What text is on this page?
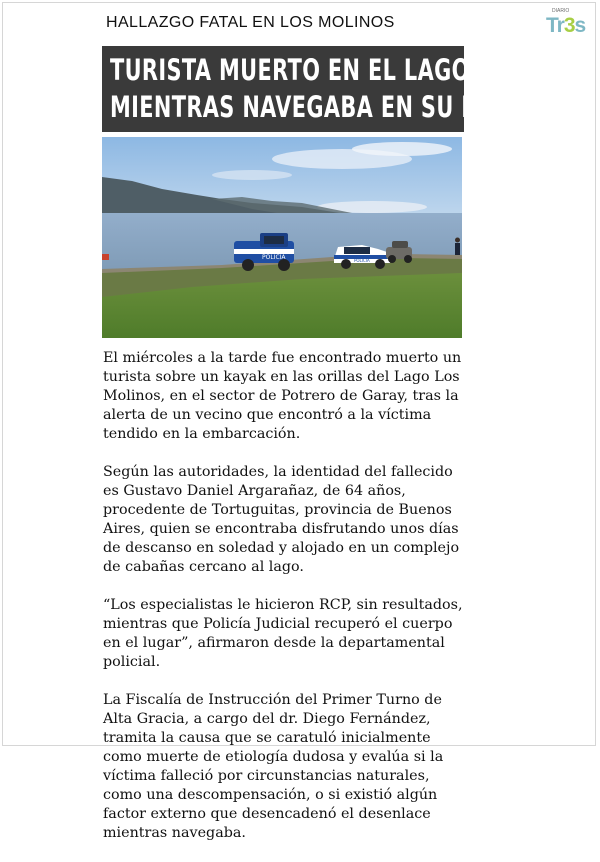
HALLAZGO FATAL EN LOS MOLINOS
DIARIO
Tr3s
TURISTA MUERTO EN EL LAGO
MIENTRAS NAVEGABA EN SU KAYAK
POLICIA	POLICIA

El miércoles a la tarde fue encontrado muerto un turista sobre un kayak en las orillas del Lago Los Molinos, en el sector de Potrero de Garay, tras la alerta de un vecino que encontró a la víctima tendido en la embarcación.

Según las autoridades, la identidad del fallecido es Gustavo Daniel Argarañaz, de 64 años, procedente de Tortuguitas, provincia de Buenos Aires, quien se encontraba disfrutando unos días de descanso en soledad y alojado en un complejo de cabañas cercano al lago.

“Los especialistas le hicieron RCP, sin resultados, mientras que Policía Judicial recuperó el cuerpo en el lugar”, afirmaron desde la departamental policial.

La Fiscalía de Instrucción del Primer Turno de Alta Gracia, a cargo del dr. Diego Fernández, tramita la causa que se caratuló inicialmente como muerte de etiología dudosa y evalúa si la víctima falleció por circunstancias naturales, como una descompensación, o si existió algún factor externo que desencadenó el desenlace mientras navegaba.
